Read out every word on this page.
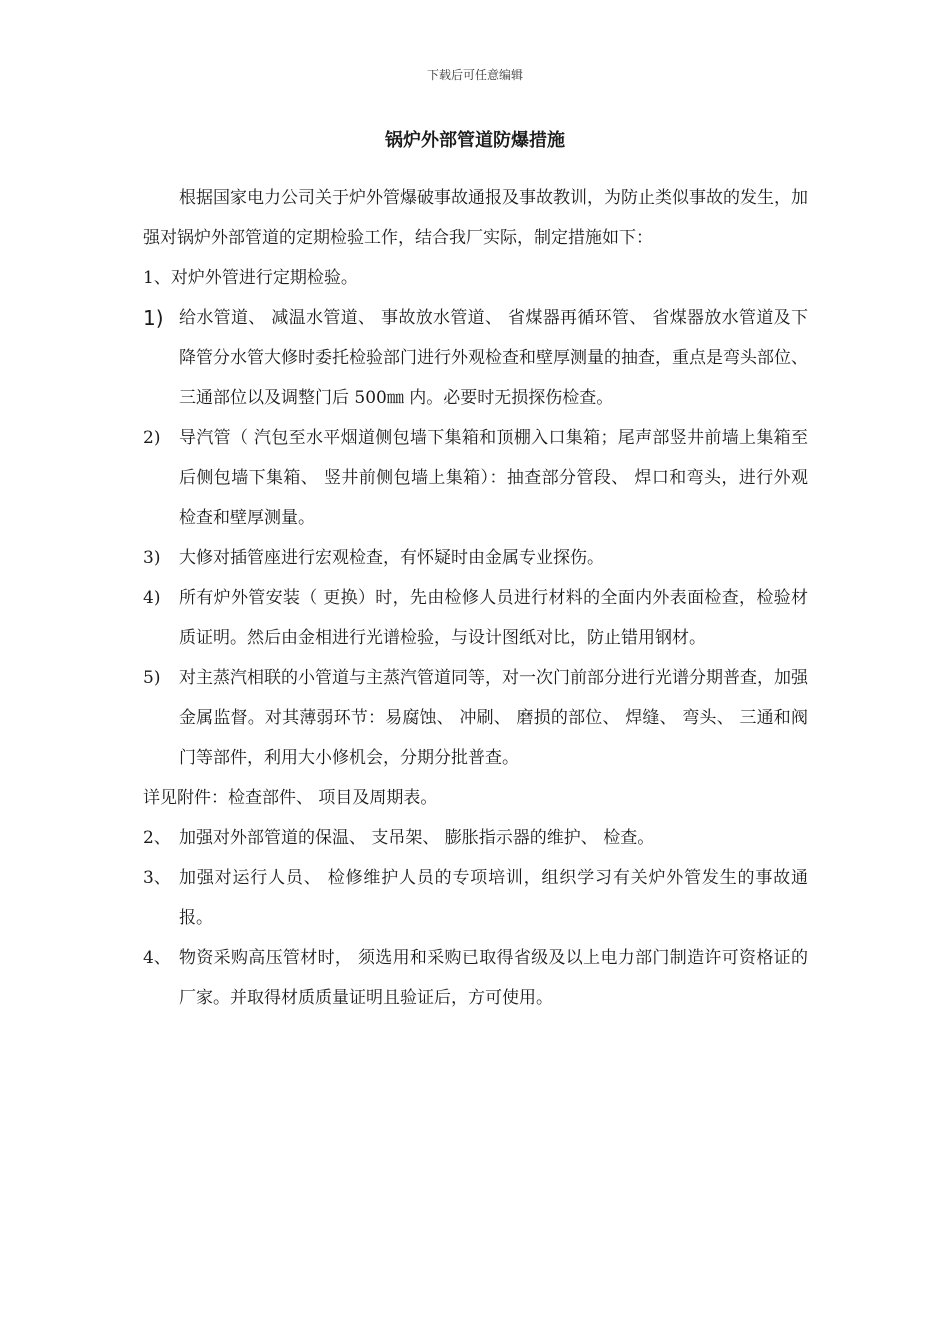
下载后可任意编辑
锅炉外部管道防爆措施

根据国家电力公司关于炉外管爆破事故通报及事故教训，为防止类似事故的发生，加强对锅炉外部管道的定期检验工作，结合我厂实际，制定措施如下：

1、对炉外管进行定期检验。

1) 给水管道、 减温水管道、 事故放水管道、 省煤器再循环管、 省煤器放水管道及下降管分水管大修时委托检验部门进行外观检查和壁厚测量的抽查，重点是弯头部位、 三通部位以及调整门后 500㎜ 内。必要时无损探伤检查。
2)	导汽管（ 汽包至水平烟道侧包墙下集箱和顶棚入口集箱；尾声部竖井前墙上集箱至后侧包墙下集箱、 竖井前侧包墙上集箱）：抽查部分管段、 焊口和弯头，进行外观检查和壁厚测量。
3)	大修对插管座进行宏观检查，有怀疑时由金属专业探伤。
4)	所有炉外管安装（ 更换）时，先由检修人员进行材料的全面内外表面检查，检验材质证明。然后由金相进行光谱检验，与设计图纸对比，防止错用钢材。
5)	对主蒸汽相联的小管道与主蒸汽管道同等，对一次门前部分进行光谱分期普查，加强金属监督。对其薄弱环节：易腐蚀、 冲刷、 磨损的部位、 焊缝、 弯头、 三通和阀门等部件，利用大小修机会，分期分批普查。

详见附件：检查部件、 项目及周期表。

2、 加强对外部管道的保温、 支吊架、 膨胀指示器的维护、 检查。
3、 加强对运行人员、 检修维护人员的专项培训，组织学习有关炉外管发生的事故通报。
4、 物资采购高压管材时， 须选用和采购已取得省级及以上电力部门制造许可资格证的厂家。并取得材质质量证明且验证后，方可使用。
